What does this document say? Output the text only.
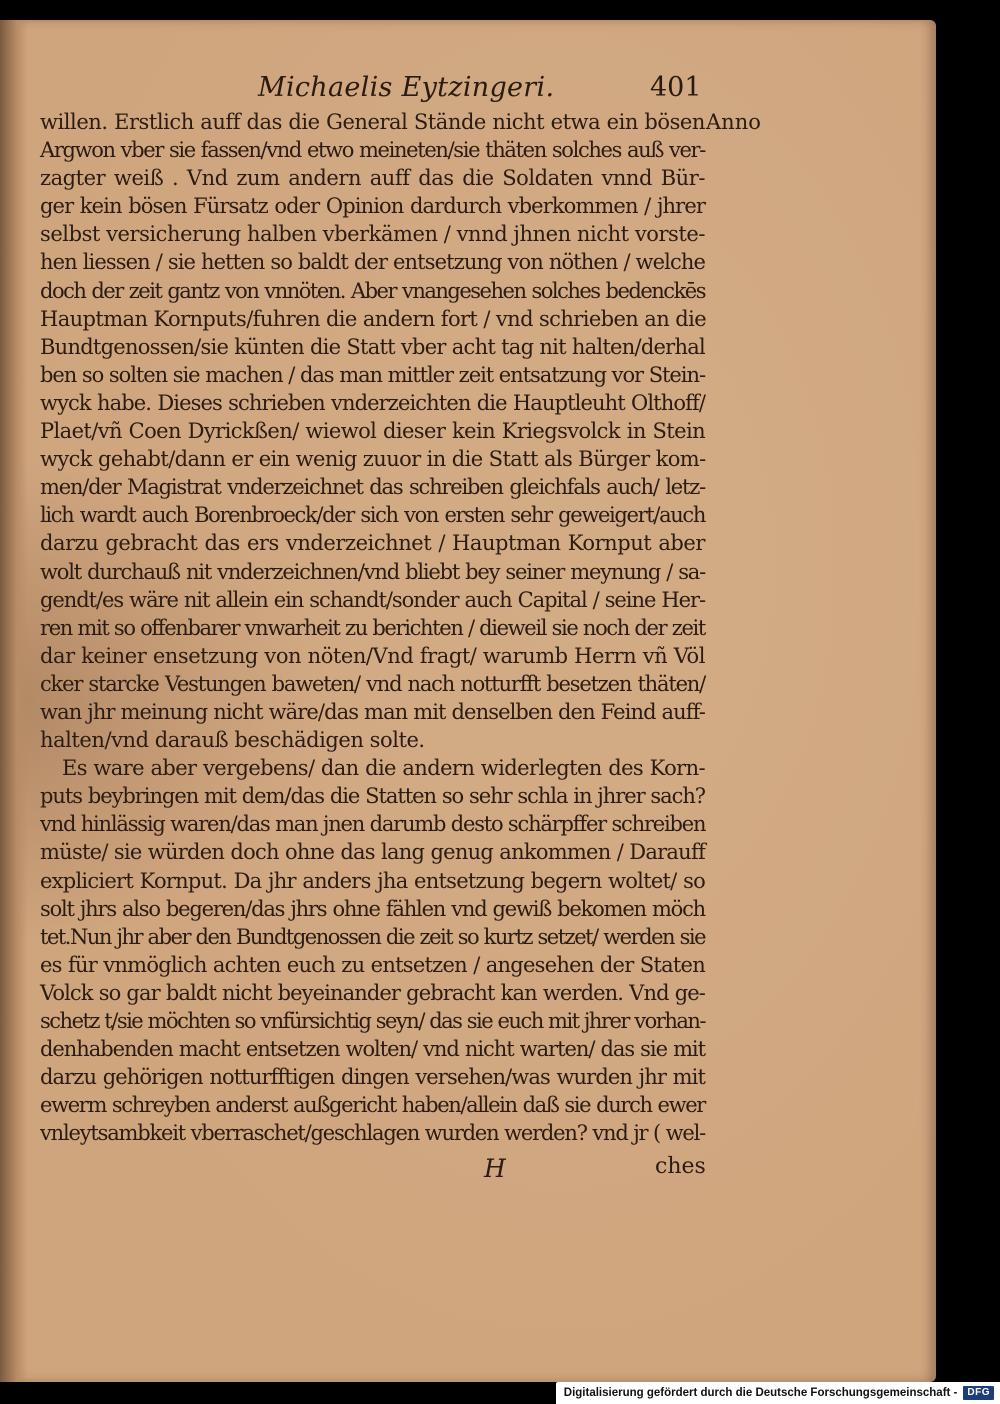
Michaelis Eytzingeri.	401
Anno
willen. Erstlich auff das die General Stände nicht etwa ein bösen
Argwon vber sie fassen/vnd etwo meineten/sie thäten solches auß ver-
zagter weiß . Vnd zum andern auff das die Soldaten vnnd Bür-
ger kein bösen Fürsatz oder Opinion dardurch vberkommen / jhrer
selbst versicherung halben vberkämen / vnnd jhnen nicht vorste-
hen liessen / sie hetten so baldt der entsetzung von nöthen / welche
doch der zeit gantz von vnnöten. Aber vnangesehen solches bedenckēs
Hauptman Kornputs/fuhren die andern fort / vnd schrieben an die
Bundtgenossen/sie künten die Statt vber acht tag nit halten/derhal
ben so solten sie machen / das man mittler zeit entsatzung vor Stein-
wyck habe. Dieses schrieben vnderzeichten die Hauptleuht Olthoff/
Plaet/vñ Coen Dyrickßen/ wiewol dieser kein Kriegsvolck in Stein
wyck gehabt/dann er ein wenig zuuor in die Statt als Bürger kom-
men/der Magistrat vnderzeichnet das schreiben gleichfals auch/ letz-
lich wardt auch Borenbroeck/der sich von ersten sehr geweigert/auch
darzu gebracht das ers vnderzeichnet / Hauptman Kornput aber
wolt durchauß nit vnderzeichnen/vnd bliebt bey seiner meynung / sa-
gendt/es wäre nit allein ein schandt/sonder auch Capital / seine Her-
ren mit so offenbarer vnwarheit zu berichten / dieweil sie noch der zeit
dar keiner ensetzung von nöten/Vnd fragt/ warumb Herrn vñ Völ
cker starcke Vestungen baweten/ vnd nach notturfft besetzen thäten/
wan jhr meinung nicht wäre/das man mit denselben den Feind auff-
halten/vnd darauß beschädigen solte.
Es ware aber vergebens/ dan die andern widerlegten des Korn-
puts beybringen mit dem/das die Statten so sehr schla in jhrer sach?
vnd hinlässig waren/das man jnen darumb desto schärpffer schreiben
müste/ sie würden doch ohne das lang genug ankommen / Darauff
expliciert Kornput. Da jhr anders jha entsetzung begern woltet/ so
solt jhrs also begeren/das jhrs ohne fählen vnd gewiß bekomen möch
tet.Nun jhr aber den Bundtgenossen die zeit so kurtz setzet/ werden sie
es für vnmöglich achten euch zu entsetzen / angesehen der Staten
Volck so gar baldt nicht beyeinander gebracht kan werden. Vnd ge-
schetz t/sie möchten so vnfürsichtig seyn/ das sie euch mit jhrer vorhan-
denhabenden macht entsetzen wolten/ vnd nicht warten/ das sie mit
darzu gehörigen notturfftigen dingen versehen/was wurden jhr mit
ewerm schreyben anderst außgericht haben/allein daß sie durch ewer
vnleytsambkeit vberraschet/geschlagen wurden werden? vnd jr ( wel-
H	ches
Digitalisierung gefördert durch die Deutsche Forschungsgemeinschaft -	DFG
